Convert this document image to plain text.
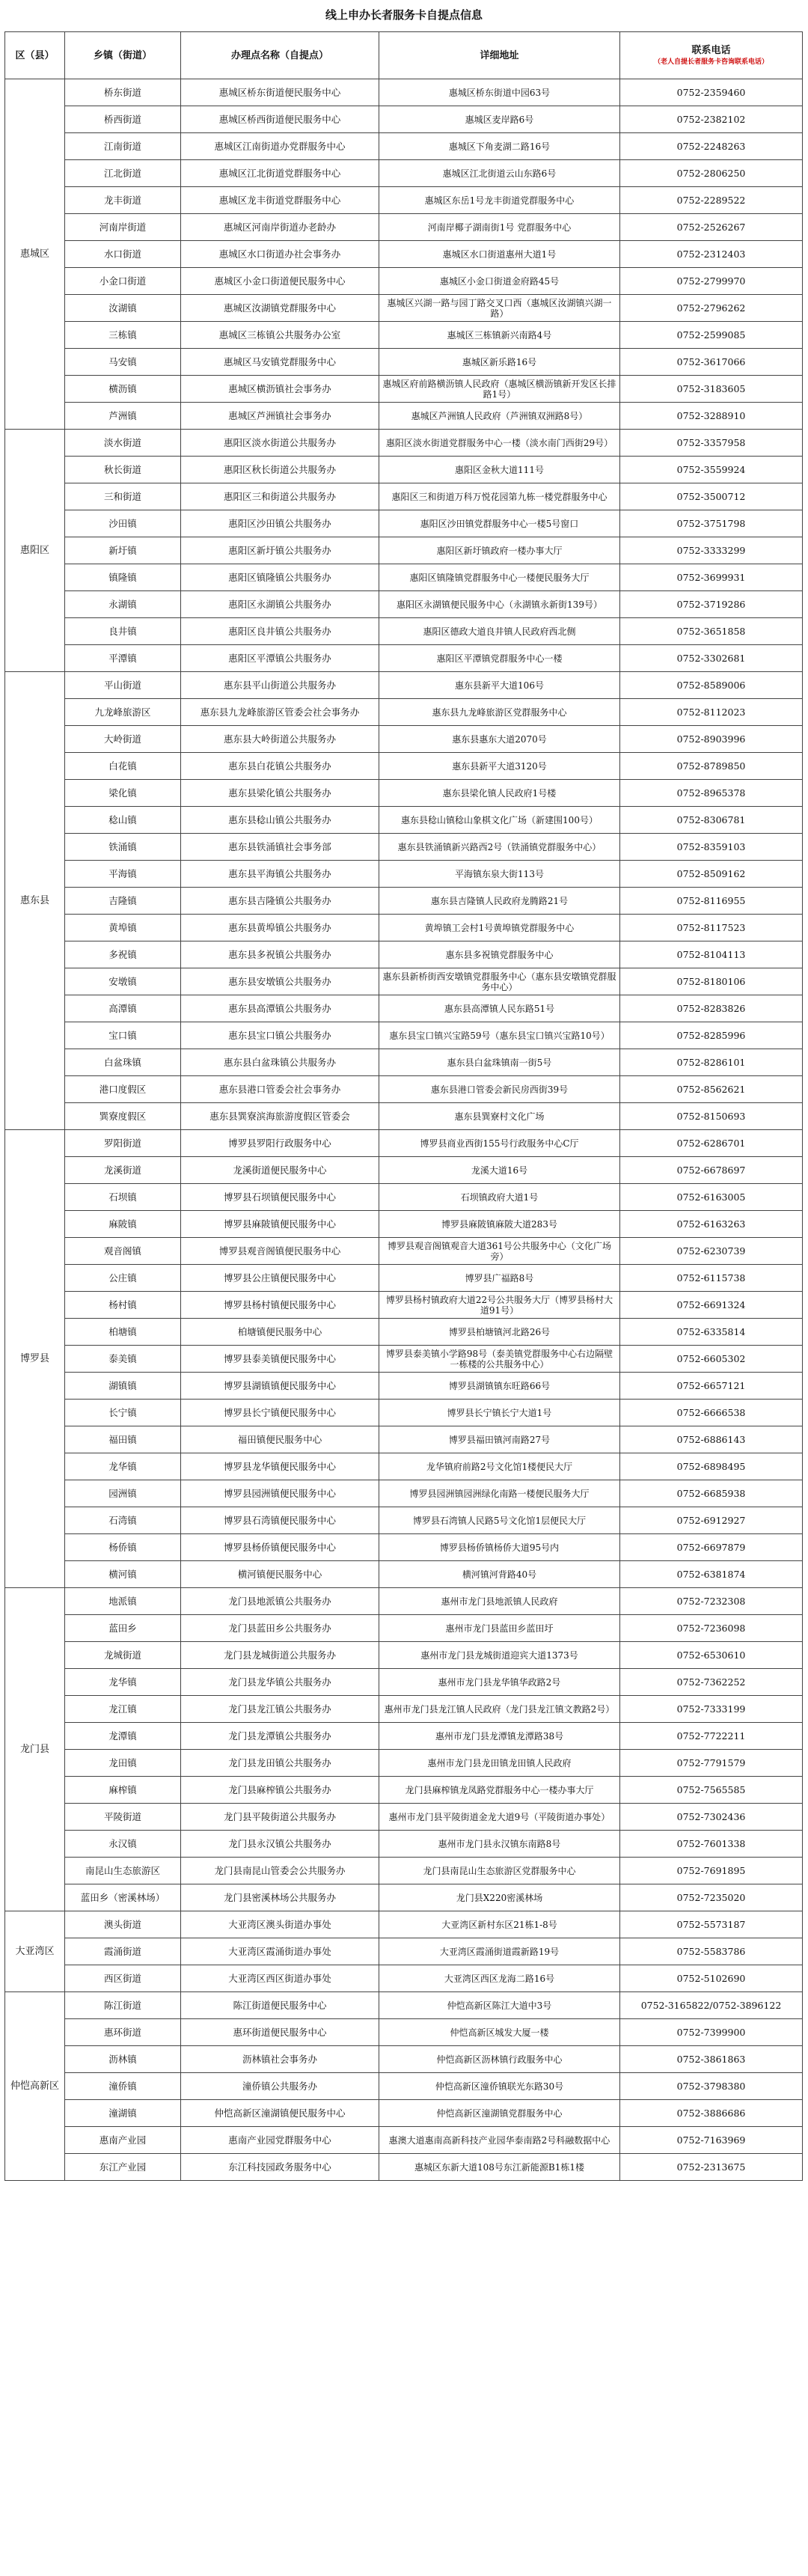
线上申办长者服务卡自提点信息
区（县）	乡镇（街道）	办理点名称（自提点）	详细地址	联系电话
（老人自提长者服务卡咨询联系电话）

惠城区	桥东街道	惠城区桥东街道便民服务中心	惠城区桥东街道中园63号	0752-2359460
	桥西街道	惠城区桥西街道便民服务中心	惠城区麦岸路6号	0752-2382102
	江南街道	惠城区江南街道办党群服务中心	惠城区下角麦湖二路16号	0752-2248263
	江北街道	惠城区江北街道党群服务中心	惠城区江北街道云山东路6号	0752-2806250
	龙丰街道	惠城区龙丰街道党群服务中心	惠城区东岳1号龙丰街道党群服务中心	0752-2289522
	河南岸街道	惠城区河南岸街道办老龄办	河南岸椰子湖南街1号 党群服务中心	0752-2526267
	水口街道	惠城区水口街道办社会事务办	惠城区水口街道惠州大道1号	0752-2312403
	小金口街道	惠城区小金口街道便民服务中心	惠城区小金口街道金府路45号	0752-2799970
	汝湖镇	惠城区汝湖镇党群服务中心	惠城区兴湖一路与园丁路交叉口西（惠城区汝湖镇兴湖一路）	0752-2796262
	三栋镇	惠城区三栋镇公共服务办公室	惠城区三栋镇新兴南路4号	0752-2599085
	马安镇	惠城区马安镇党群服务中心	惠城区新乐路16号	0752-3617066
	横沥镇	惠城区横沥镇社会事务办	惠城区府前路横沥镇人民政府（惠城区横沥镇新开发区长排路1号）	0752-3183605
	芦洲镇	惠城区芦洲镇社会事务办	惠城区芦洲镇人民政府（芦洲镇双洲路8号）	0752-3288910
惠阳区	淡水街道	惠阳区淡水街道公共服务办	惠阳区淡水街道党群服务中心一楼（淡水南门西街29号）	0752-3357958
	秋长街道	惠阳区秋长街道公共服务办	惠阳区金秋大道111号	0752-3559924
	三和街道	惠阳区三和街道公共服务办	惠阳区三和街道万科万悦花园第九栋一楼党群服务中心	0752-3500712
	沙田镇	惠阳区沙田镇公共服务办	惠阳区沙田镇党群服务中心一楼5号窗口	0752-3751798
	新圩镇	惠阳区新圩镇公共服务办	惠阳区新圩镇政府一楼办事大厅	0752-3333299
	镇隆镇	惠阳区镇隆镇公共服务办	惠阳区镇隆镇党群服务中心一楼便民服务大厅	0752-3699931
	永湖镇	惠阳区永湖镇公共服务办	惠阳区永湖镇便民服务中心（永湖镇永新街139号）	0752-3719286
	良井镇	惠阳区良井镇公共服务办	惠阳区德政大道良井镇人民政府西北侧	0752-3651858
	平潭镇	惠阳区平潭镇公共服务办	惠阳区平潭镇党群服务中心一楼	0752-3302681
惠东县	平山街道	惠东县平山街道公共服务办	惠东县新平大道106号	0752-8589006
	九龙峰旅游区	惠东县九龙峰旅游区管委会社会事务办	惠东县九龙峰旅游区党群服务中心	0752-8112023
	大岭街道	惠东县大岭街道公共服务办	惠东县惠东大道2070号	0752-8903996
	白花镇	惠东县白花镇公共服务办	惠东县新平大道3120号	0752-8789850
	梁化镇	惠东县梁化镇公共服务办	惠东县梁化镇人民政府1号楼	0752-8965378
	稔山镇	惠东县稔山镇公共服务办	惠东县稔山镇稔山象棋文化广场（新建围100号）	0752-8306781
	铁涌镇	惠东县铁涌镇社会事务部	惠东县铁涌镇新兴路西2号（铁涌镇党群服务中心）	0752-8359103
	平海镇	惠东县平海镇公共服务办	平海镇东泉大街113号	0752-8509162
	吉隆镇	惠东县吉隆镇公共服务办	惠东县吉隆镇人民政府龙腾路21号	0752-8116955
	黄埠镇	惠东县黄埠镇公共服务办	黄埠镇工会村1号黄埠镇党群服务中心	0752-8117523
	多祝镇	惠东县多祝镇公共服务办	惠东县多祝镇党群服务中心	0752-8104113
	安墩镇	惠东县安墩镇公共服务办	惠东县新桥街西安墩镇党群服务中心（惠东县安墩镇党群服务中心）	0752-8180106
	高潭镇	惠东县高潭镇公共服务办	惠东县高潭镇人民东路51号	0752-8283826
	宝口镇	惠东县宝口镇公共服务办	惠东县宝口镇兴宝路59号（惠东县宝口镇兴宝路10号）	0752-8285996
	白盆珠镇	惠东县白盆珠镇公共服务办	惠东县白盆珠镇南一街5号	0752-8286101
	港口度假区	惠东县港口管委会社会事务办	惠东县港口管委会新民房西街39号	0752-8562621
	巽寮度假区	惠东县巽寮滨海旅游度假区管委会	惠东县巽寮村文化广场	0752-8150693
博罗县	罗阳街道	博罗县罗阳行政服务中心	博罗县商业西街155号行政服务中心C厅	0752-6286701
	龙溪街道	龙溪街道便民服务中心	龙溪大道16号	0752-6678697
	石坝镇	博罗县石坝镇便民服务中心	石坝镇政府大道1号	0752-6163005
	麻陂镇	博罗县麻陂镇便民服务中心	博罗县麻陂镇麻陂大道283号	0752-6163263
	观音阁镇	博罗县观音阁镇便民服务中心	博罗县观音阁镇观音大道361号公共服务中心（文化广场旁）	0752-6230739
	公庄镇	博罗县公庄镇便民服务中心	博罗县广福路8号	0752-6115738
	杨村镇	博罗县杨村镇便民服务中心	博罗县杨村镇政府大道22号公共服务大厅（博罗县杨村大道91号）	0752-6691324
	柏塘镇	柏塘镇便民服务中心	博罗县柏塘镇河北路26号	0752-6335814
	泰美镇	博罗县泰美镇便民服务中心	博罗县泰美镇小学路98号（泰美镇党群服务中心右边隔壁一栋楼的公共服务中心）	0752-6605302
	湖镇镇	博罗县湖镇镇便民服务中心	博罗县湖镇镇东旺路66号	0752-6657121
	长宁镇	博罗县长宁镇便民服务中心	博罗县长宁镇长宁大道1号	0752-6666538
	福田镇	福田镇便民服务中心	博罗县福田镇河南路27号	0752-6886143
	龙华镇	博罗县龙华镇便民服务中心	龙华镇府前路2号文化馆1楼便民大厅	0752-6898495
	园洲镇	博罗县园洲镇便民服务中心	博罗县园洲镇园洲绿化南路一楼便民服务大厅	0752-6685938
	石湾镇	博罗县石湾镇便民服务中心	博罗县石湾镇人民路5号文化馆1层便民大厅	0752-6912927
	杨侨镇	博罗县杨侨镇便民服务中心	博罗县杨侨镇杨侨大道95号内	0752-6697879
	横河镇	横河镇便民服务中心	横河镇河背路40号	0752-6381874
龙门县	地派镇	龙门县地派镇公共服务办	惠州市龙门县地派镇人民政府	0752-7232308
	蓝田乡	龙门县蓝田乡公共服务办	惠州市龙门县蓝田乡蓝田圩	0752-7236098
	龙城街道	龙门县龙城街道公共服务办	惠州市龙门县龙城街道迎宾大道1373号	0752-6530610
	龙华镇	龙门县龙华镇公共服务办	惠州市龙门县龙华镇华政路2号	0752-7362252
	龙江镇	龙门县龙江镇公共服务办	惠州市龙门县龙江镇人民政府（龙门县龙江镇文教路2号）	0752-7333199
	龙潭镇	龙门县龙潭镇公共服务办	惠州市龙门县龙潭镇龙潭路38号	0752-7722211
	龙田镇	龙门县龙田镇公共服务办	惠州市龙门县龙田镇龙田镇人民政府	0752-7791579
	麻榨镇	龙门县麻榨镇公共服务办	龙门县麻榨镇龙凤路党群服务中心一楼办事大厅	0752-7565585
	平陵街道	龙门县平陵街道公共服务办	惠州市龙门县平陵街道金龙大道9号（平陵街道办事处）	0752-7302436
	永汉镇	龙门县永汉镇公共服务办	惠州市龙门县永汉镇东南路8号	0752-7601338
	南昆山生态旅游区	龙门县南昆山管委会公共服务办	龙门县南昆山生态旅游区党群服务中心	0752-7691895
	蓝田乡（密溪林场）	龙门县密溪林场公共服务办	龙门县X220密溪林场	0752-7235020
大亚湾区	澳头街道	大亚湾区澳头街道办事处	大亚湾区新村东区21栋1-8号	0752-5573187
	霞涌街道	大亚湾区霞涌街道办事处	大亚湾区霞涌街道霞新路19号	0752-5583786
	西区街道	大亚湾区西区街道办事处	大亚湾区西区龙海二路16号	0752-5102690
仲恺高新区	陈江街道	陈江街道便民服务中心	仲恺高新区陈江大道中3号	0752-3165822/0752-3896122
	惠环街道	惠环街道便民服务中心	仲恺高新区城发大厦一楼	0752-7399900
	沥林镇	沥林镇社会事务办	仲恺高新区沥林镇行政服务中心	0752-3861863
	潼侨镇	潼侨镇公共服务办	仲恺高新区潼侨镇联光东路30号	0752-3798380
	潼湖镇	仲恺高新区潼湖镇便民服务中心	仲恺高新区潼湖镇党群服务中心	0752-3886686
	惠南产业园	惠南产业园党群服务中心	惠澳大道惠南高新科技产业园华泰南路2号科融数据中心	0752-7163969
	东江产业园	东江科技园政务服务中心	惠城区东新大道108号东江新能源B1栋1楼	0752-2313675
